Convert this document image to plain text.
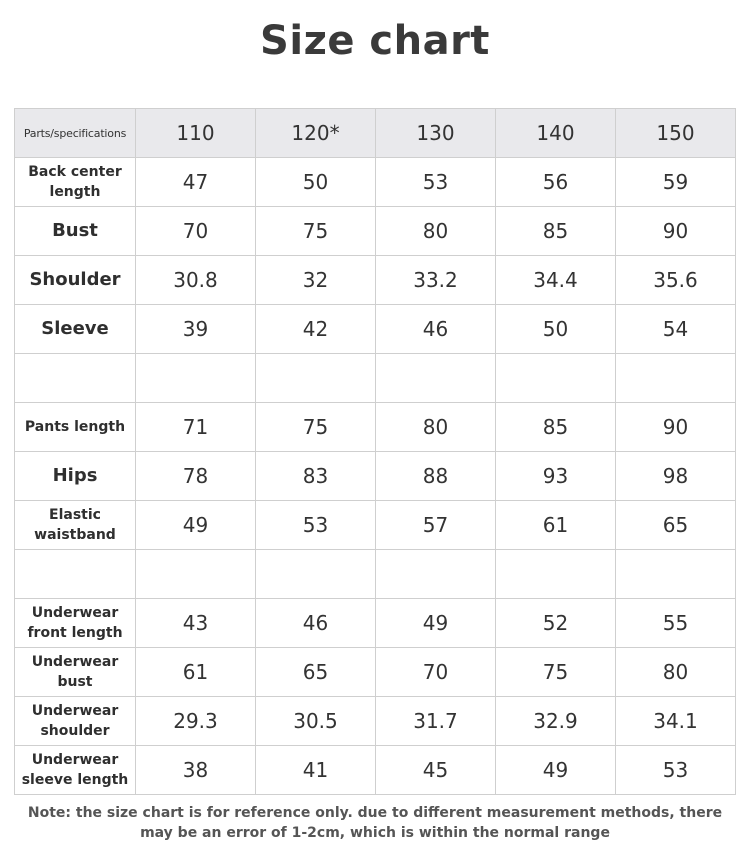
Size chart
Parts/specifications	110	120*	130	140	150

Back center
length	47	50	53	56	59

Bust	70	75	80	85	90

Shoulder	30.8	32	33.2	34.4	35.6

Sleeve	39	42	46	50	54

Pants length	71	75	80	85	90

Hips	78	83	88	93	98

Elastic
waistband	49	53	57	61	65

Underwear
front length	43	46	49	52	55

Underwear
bust	61	65	70	75	80

Underwear
shoulder	29.3	30.5	31.7	32.9	34.1

Underwear
sleeve length	38	41	45	49	53
Note: the size chart is for reference only. due to different measurement methods, there
may be an error of 1-2cm, which is within the normal range
